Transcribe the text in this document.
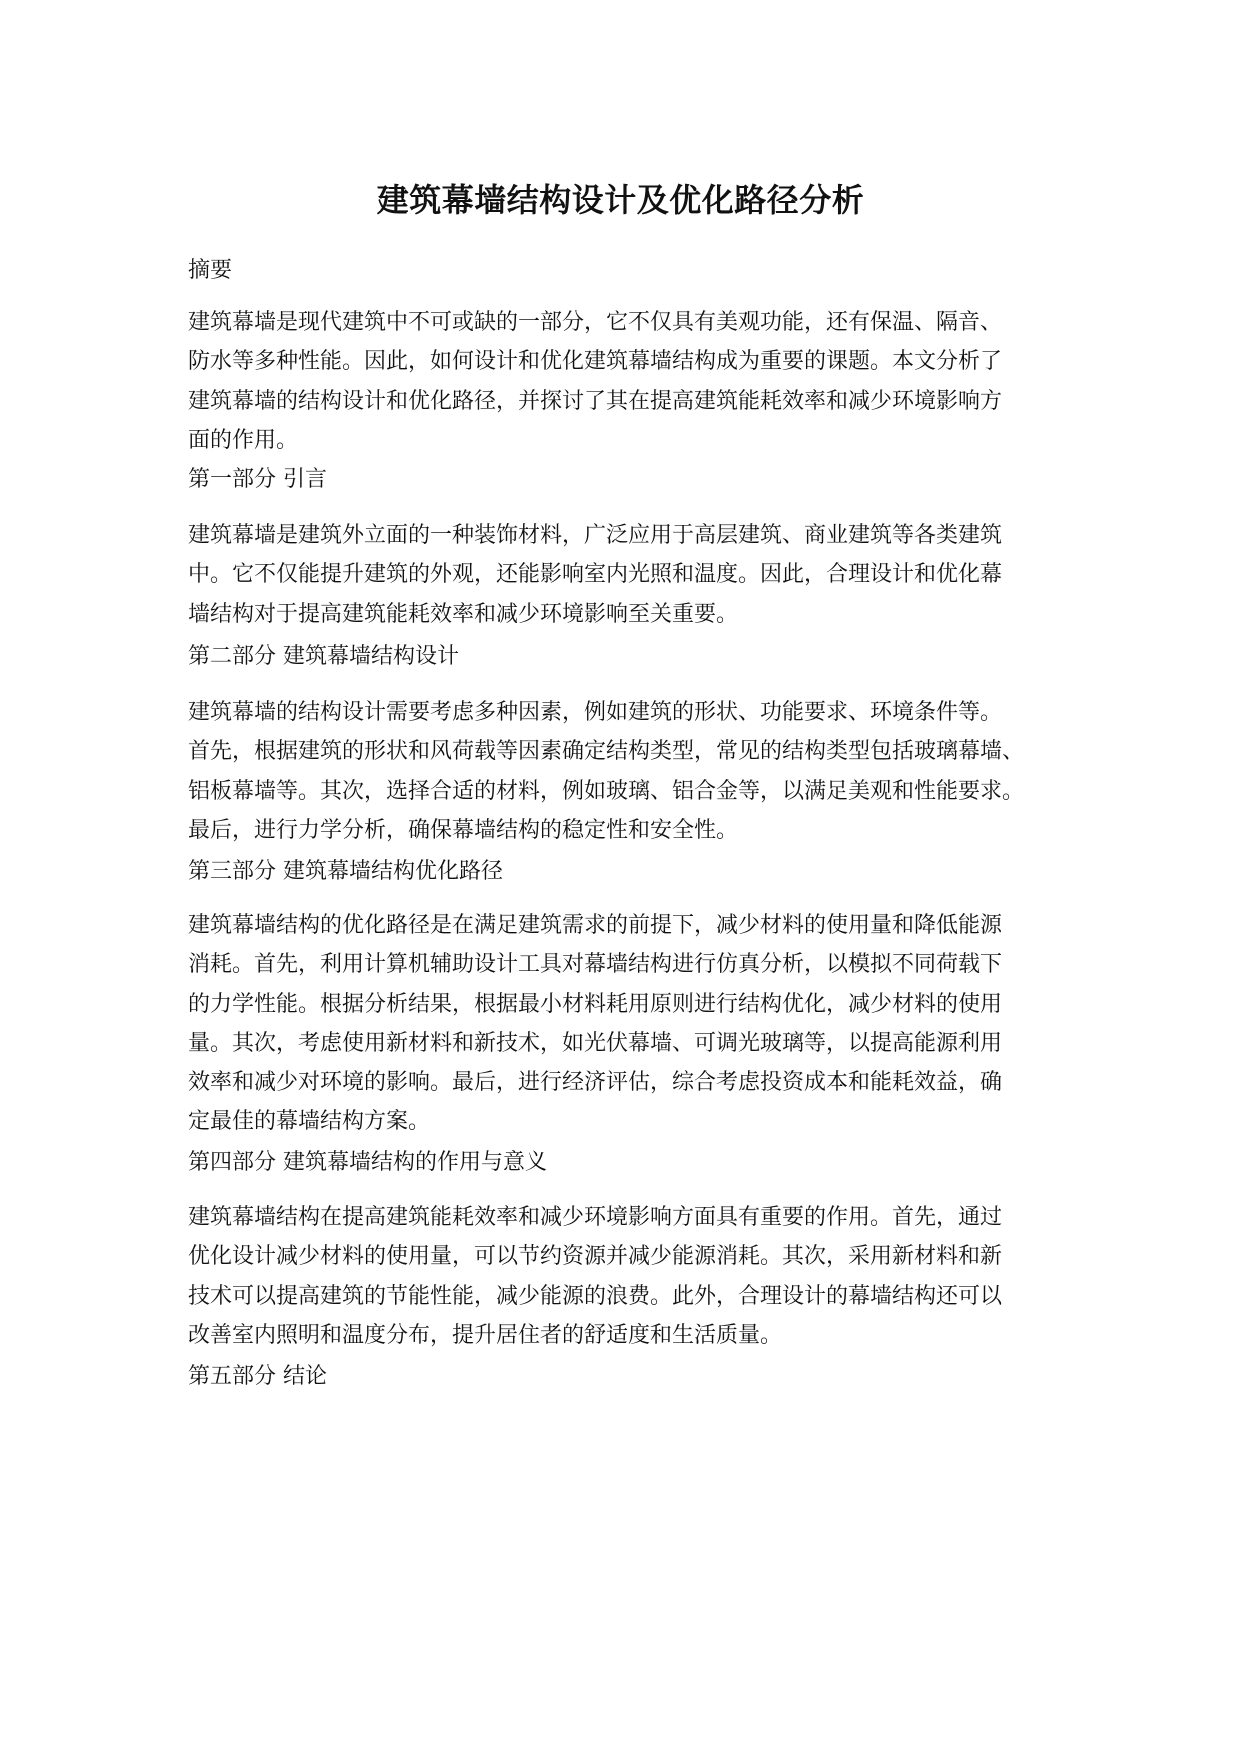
建筑幕墙结构设计及优化路径分析
摘要
建筑幕墙是现代建筑中不可或缺的一部分，它不仅具有美观功能，还有保温、隔音、
防水等多种性能。因此，如何设计和优化建筑幕墙结构成为重要的课题。本文分析了
建筑幕墙的结构设计和优化路径，并探讨了其在提高建筑能耗效率和减少环境影响方
面的作用。
第一部分 引言
建筑幕墙是建筑外立面的一种装饰材料，广泛应用于高层建筑、商业建筑等各类建筑
中。它不仅能提升建筑的外观，还能影响室内光照和温度。因此，合理设计和优化幕
墙结构对于提高建筑能耗效率和减少环境影响至关重要。
第二部分 建筑幕墙结构设计
建筑幕墙的结构设计需要考虑多种因素，例如建筑的形状、功能要求、环境条件等。
首先，根据建筑的形状和风荷载等因素确定结构类型，常见的结构类型包括玻璃幕墙、
铝板幕墙等。其次，选择合适的材料，例如玻璃、铝合金等，以满足美观和性能要求。
最后，进行力学分析，确保幕墙结构的稳定性和安全性。
第三部分 建筑幕墙结构优化路径
建筑幕墙结构的优化路径是在满足建筑需求的前提下，减少材料的使用量和降低能源
消耗。首先，利用计算机辅助设计工具对幕墙结构进行仿真分析，以模拟不同荷载下
的力学性能。根据分析结果，根据最小材料耗用原则进行结构优化，减少材料的使用
量。其次，考虑使用新材料和新技术，如光伏幕墙、可调光玻璃等，以提高能源利用
效率和减少对环境的影响。最后，进行经济评估，综合考虑投资成本和能耗效益，确
定最佳的幕墙结构方案。
第四部分 建筑幕墙结构的作用与意义
建筑幕墙结构在提高建筑能耗效率和减少环境影响方面具有重要的作用。首先，通过
优化设计减少材料的使用量，可以节约资源并减少能源消耗。其次，采用新材料和新
技术可以提高建筑的节能性能，减少能源的浪费。此外，合理设计的幕墙结构还可以
改善室内照明和温度分布，提升居住者的舒适度和生活质量。
第五部分 结论
